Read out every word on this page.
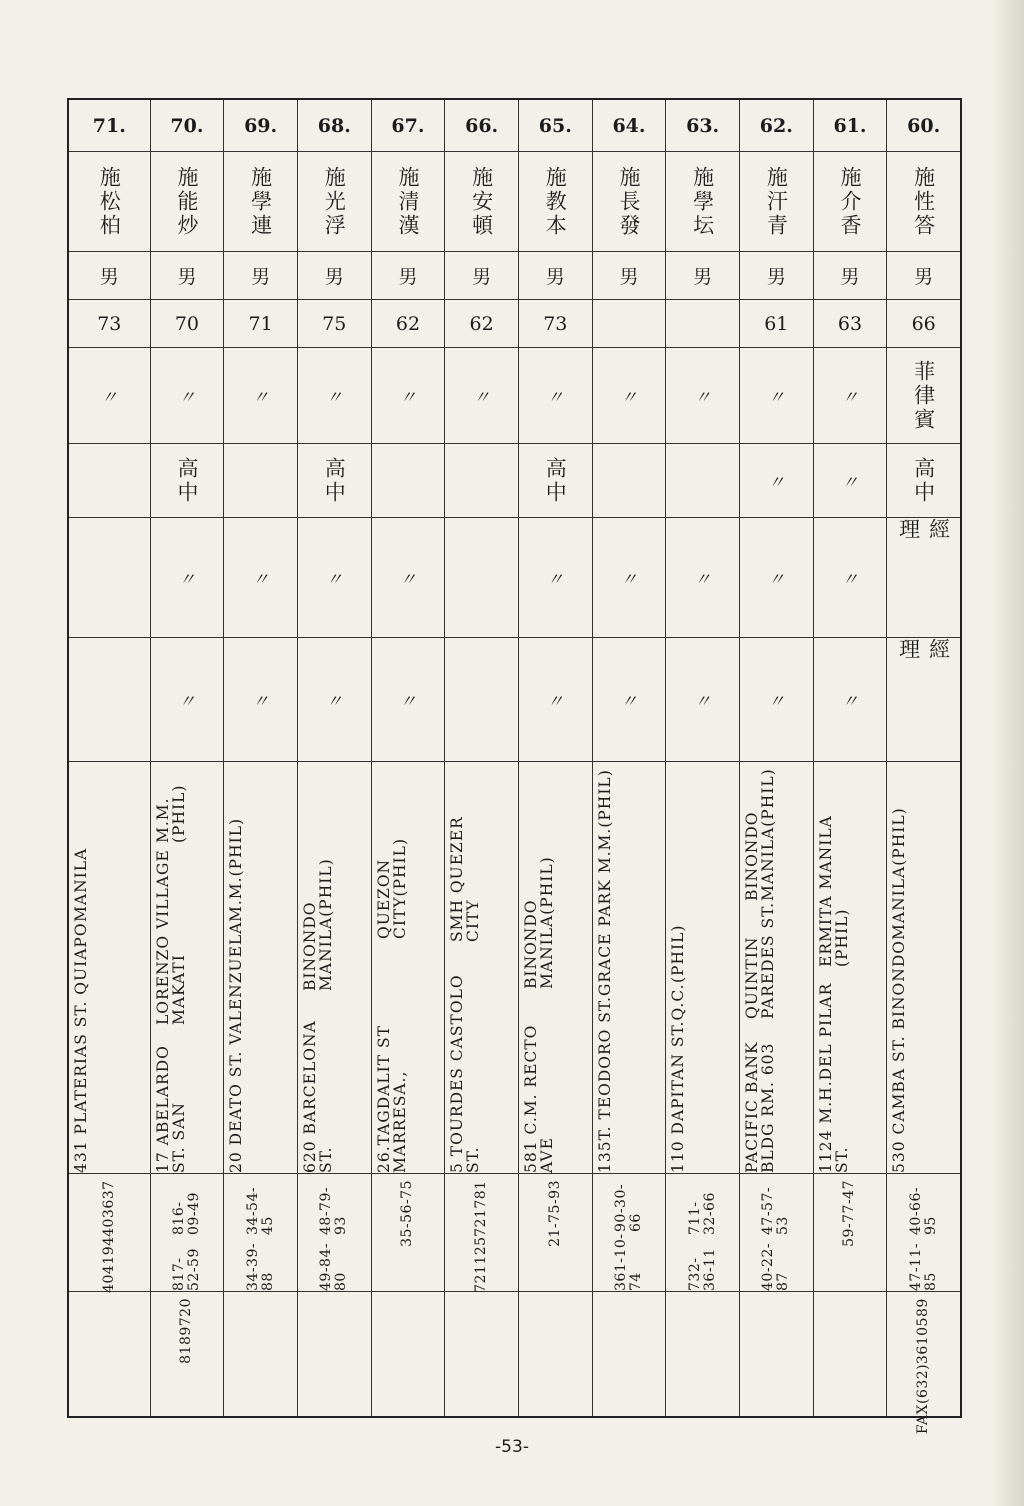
60.
施性答
男
66
菲律賓
高中
經理
經理
530 CAMBA ST. BINONDO
MANILA(PHIL)
47-11-85
40-66-95
FAX(632)
3610589
61.
施介香
男
63
〃
〃
〃
〃
1124 M.H.DEL PILAR ST.
ERMITA MANILA (PHIL)
59-77-47
62.
施汗青
男
61
〃
〃
〃
〃
PACIFIC BANK BLDG RM. 603
QUINTIN PAREDES ST.
BINONDO MANILA(PHIL)
40-22-87
47-57-53
63.
施學坛
男
〃
〃
〃
110 DAPITAN ST.Q.C.
(PHIL)
732-36-11
711-32-66
64.
施長發
男
〃
〃
〃
135T. TEODORO ST.
GRACE PARK M.M.(PHIL)
361-10-74
90-30-66
65.
施教本
男
73
〃
高中
〃
〃
581 C.M. RECTO AVE
BINONDO MANILA(PHIL)
21-75-93
66.
施安頓
男
62
〃
5 TOURDES CASTOLO ST.
SMH QUEZER CITY
721125
721781
67.
施清漢
男
62
〃
〃
〃
26.TAGDALIT ST MARRESA.,
QUEZON CITY(PHIL)
35-56-75
68.
施光浮
男
75
〃
高中
〃
〃
620 BARCELONA ST.
BINONDO MANILA(PHIL)
49-84-80
48-79-93
69.
施學連
男
71
〃
〃
〃
20 DEATO ST. VALENZUELA
M.M.(PHIL)
34-39-88
34-54-45
70.
施能炒
男
70
〃
高中
〃
〃
17 ABELARDO ST. SAN
LORENZO VILLAGE MAKATI
M.M.(PHIL)
817-52-59
816-09-49
8189720
71.
施松柏
男
73
〃
431 PLATERIAS ST. QUIAPO
MANILA
404194
403637
-53-
